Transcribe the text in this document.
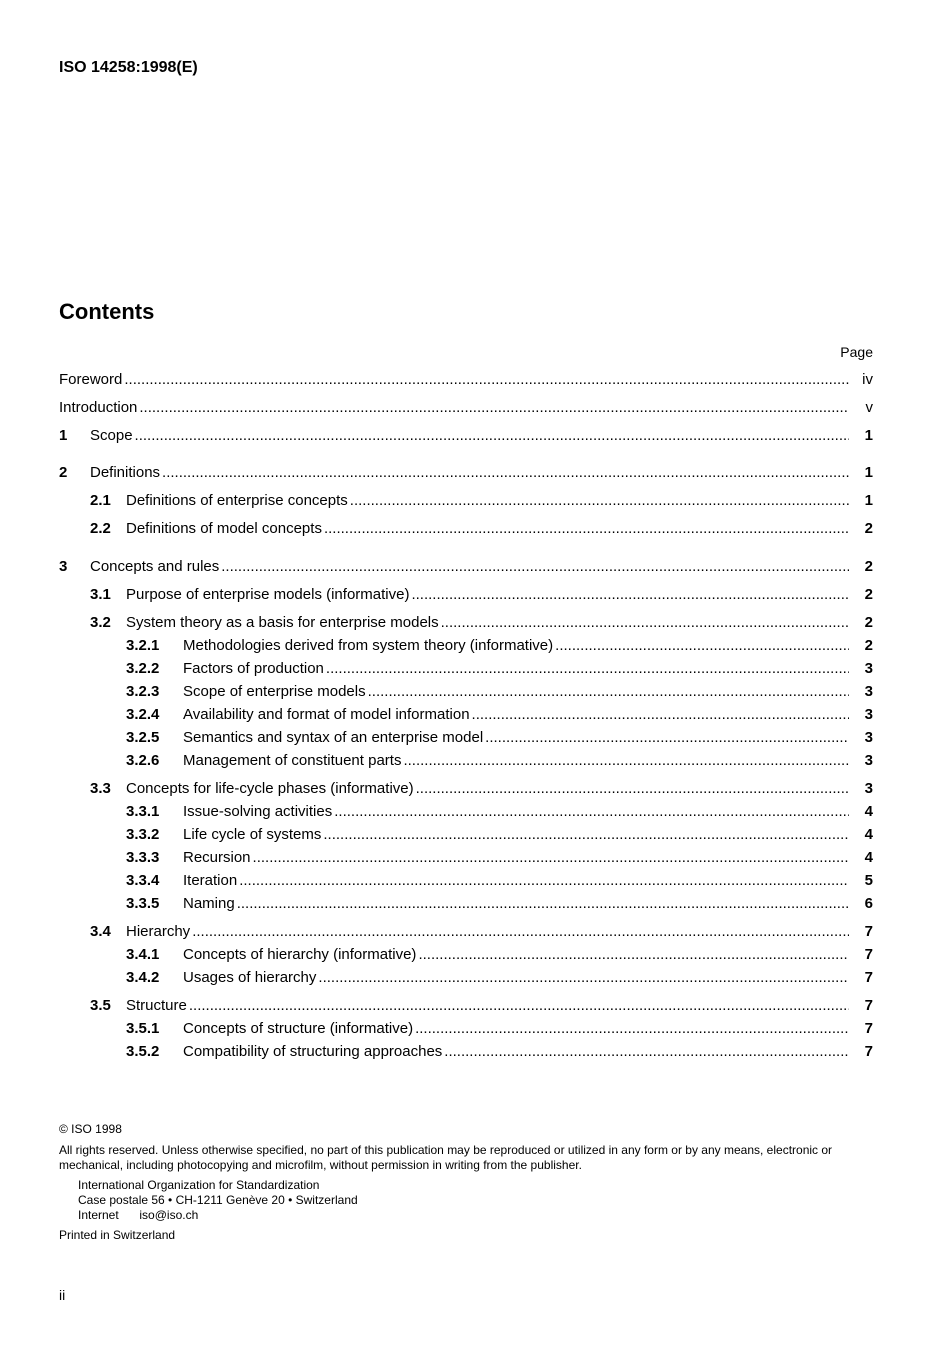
ISO 14258:1998(E)
Contents
Page
Foreword .....	iv
Introduction .....	v
1 Scope .....	1
2 Definitions .....	1
2.1 Definitions of enterprise concepts .....	1
2.2 Definitions of model concepts .....	2
3 Concepts and rules .....	2
3.1 Purpose of enterprise models (informative) .....	2
3.2 System theory as a basis for enterprise models .....	2
3.2.1 Methodologies derived from system theory (informative) .....	2
3.2.2 Factors of production .....	3
3.2.3 Scope of enterprise models .....	3
3.2.4 Availability and format of model information .....	3
3.2.5 Semantics and syntax of an enterprise model .....	3
3.2.6 Management of constituent parts .....	3
3.3 Concepts for life-cycle phases (informative) .....	3
3.3.1 Issue-solving activities .....	4
3.3.2 Life cycle of systems .....	4
3.3.3 Recursion .....	4
3.3.4 Iteration .....	5
3.3.5 Naming .....	6
3.4 Hierarchy .....	7
3.4.1 Concepts of hierarchy (informative) .....	7
3.4.2 Usages of hierarchy .....	7
3.5 Structure .....	7
3.5.1 Concepts of structure (informative) .....	7
3.5.2 Compatibility of structuring approaches .....	7
© ISO 1998
All rights reserved. Unless otherwise specified, no part of this publication may be reproduced or utilized in any form or by any means, electronic or mechanical, including photocopying and microfilm, without permission in writing from the publisher.
International Organization for Standardization
Case postale 56 • CH-1211 Genève 20 • Switzerland
Internet iso@iso.ch
Printed in Switzerland
ii
